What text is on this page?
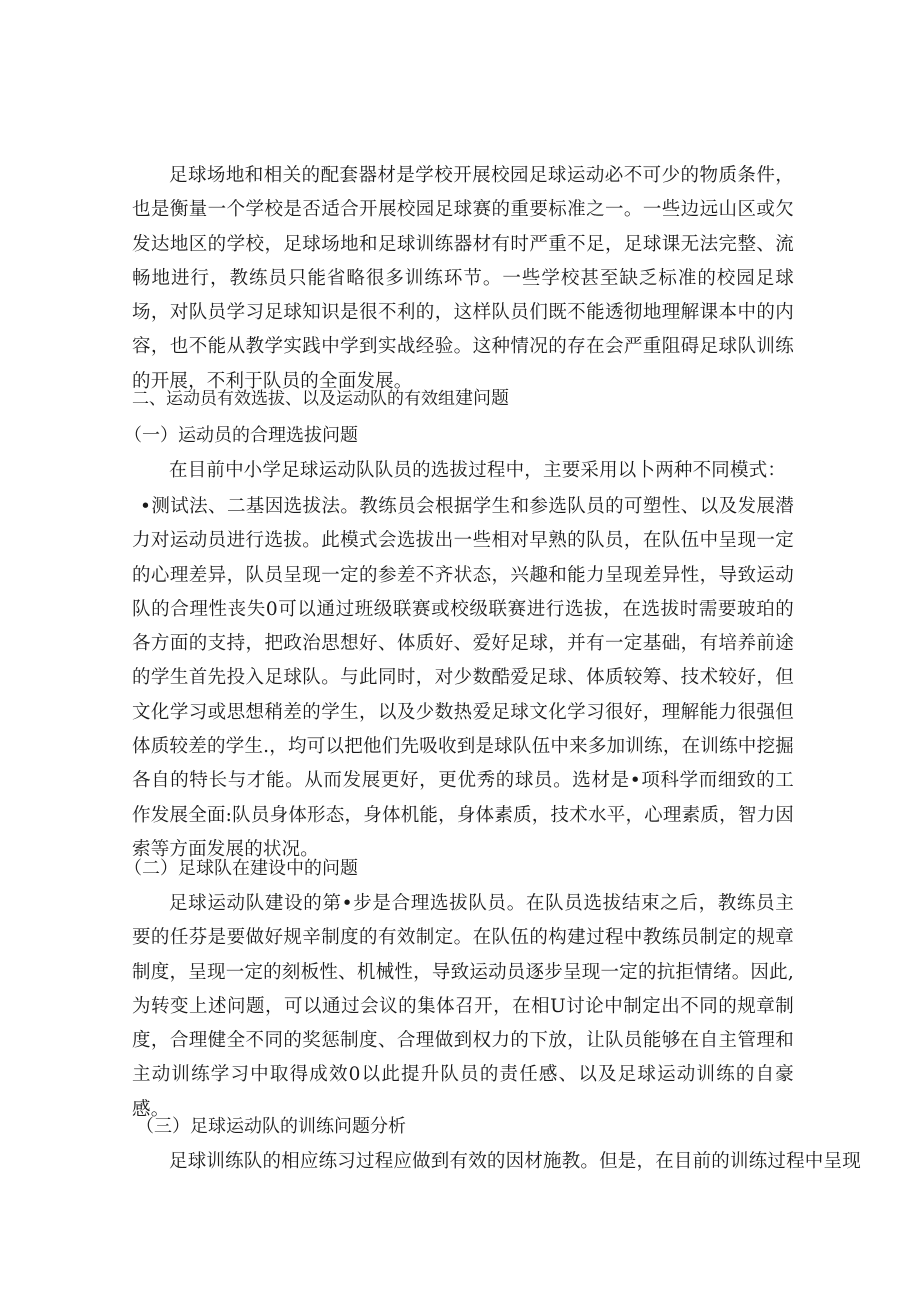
足球场地和相关的配套器材是学校开展校园足球运动必不可少的物质条件，也是衡量一个学校是否适合开展校园足球赛的重要标准之一。一些边远山区或欠发达地区的学校，足球场地和足球训练器材有时严重不足，足球课无法完整、流畅地进行，教练员只能省略很多训练环节。一些学校甚至缺乏标准的校园足球场，对队员学习足球知识是很不利的，这样队员们既不能透彻地理解课本中的内容，也不能从教学实践中学到实战经验。这种情况的存在会严重阻碍足球队训练的开展，不利于队员的全面发展。

二、运动员有效选拔、以及运动队的有效组建问题
（一）运动员的合理选拔问题

在目前中小学足球运动队队员的选拔过程中，主要采用以卜两种不同模式：

•测试法、二基因选拔法。教练员会根据学生和参选队员的可塑性、以及发展潜力对运动员进行选拔。此模式会选拔出一些相对早熟的队员，在队伍中呈现一定的心理差异，队员呈现一定的参差不齐状态，兴趣和能力呈现差异性，导致运动队的合理性丧失0可以通过班级联赛或校级联赛进行选拔，在选拔时需要玻珀的各方面的支持，把政治思想好、体质好、爱好足球，并有一定基础，有培养前途的学生首先投入足球队。与此同时，对少数酷爱足球、体质较筹、技术较好，但文化学习或思想稍差的学生，以及少数热爱足球文化学习很好，理解能力很强但体质较差的学生.，均可以把他们先吸收到是球队伍中来多加训练，在训练中挖掘各自的特长与才能。从而发展更好，更优秀的球员。选材是•项科学而细致的工作发展全面:队员身体形态，身体机能，身体素质，技术水平，心理素质，智力因索等方面发展的状况。

（二）足球队在建设中的问题

足球运动队建设的第•步是合理选拔队员。在队员选拔结束之后，教练员主要的任芬是要做好规辛制度的有效制定。在队伍的构建过程中教练员制定的规章制度，呈现一定的刻板性、机械性，导致运动员逐步呈现一定的抗拒情绪。因此,为转变上述问题，可以通过会议的集体召开，在相U讨论中制定出不同的规章制度，合理健全不同的奖惩制度、合理做到权力的下放，让队员能够在自主管理和主动训练学习中取得成效0以此提升队员的责任感、以及足球运动训练的自豪感。

（三）足球运动队的训练问题分析

足球训练队的相应练习过程应做到有效的因材施教。但是，在目前的训练过程中呈现
